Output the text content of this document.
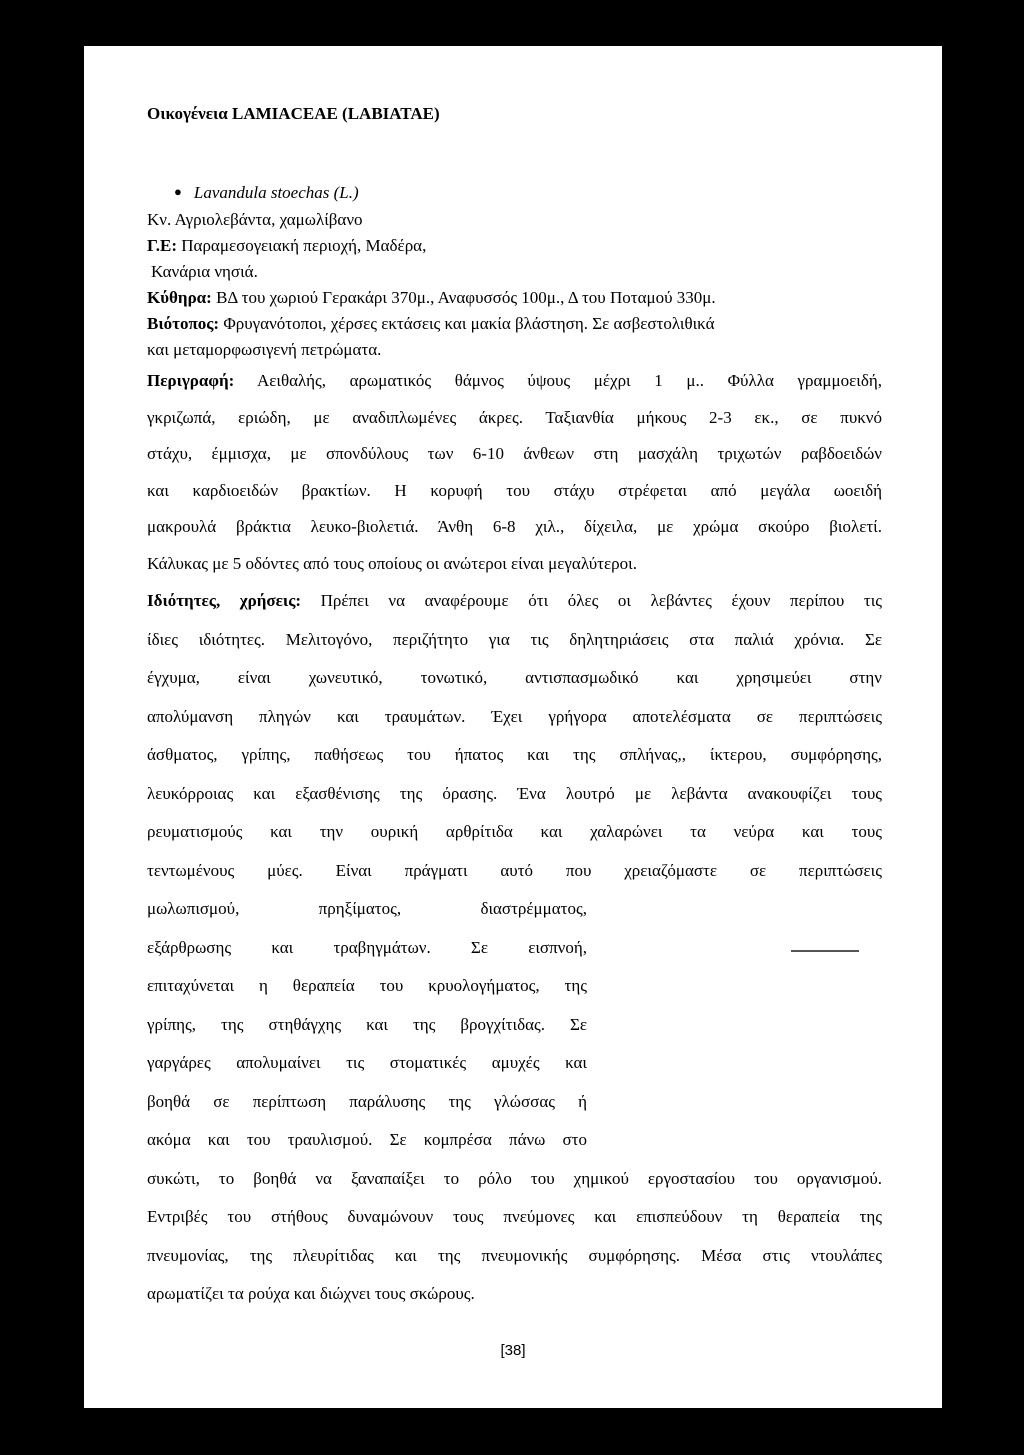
Οικογένεια LAMIACEAE (LABIATAE)
● Lavandula stoechas (L.)
Κν. Αγριολεβάντα, χαμωλίβανο
Γ.Ε: Παραμεσογειακή περιοχή, Μαδέρα,
Κανάρια νησιά.
Κύθηρα: ΒΔ του χωριού Γερακάρι 370μ., Αναφυσσός 100μ., Δ του Ποταμού 330μ.
Βιότοπος: Φρυγανότοποι, χέρσες εκτάσεις και μακία βλάστηση. Σε ασβεστολιθικά
και μεταμορφωσιγενή πετρώματα.
Περιγραφή: Αειθαλής, αρωματικός θάμνος ύψους μέχρι 1 μ.. Φύλλα γραμμοειδή,
γκριζωπά, εριώδη, με αναδιπλωμένες άκρες. Ταξιανθία μήκους 2-3 εκ., σε πυκνό
στάχυ, έμμισχα, με σπονδύλους των 6-10 άνθεων στη μασχάλη τριχωτών ραβδοειδών
και καρδιοειδών βρακτίων. Η κορυφή του στάχυ στρέφεται από μεγάλα ωοειδή
μακρουλά βράκτια λευκο-βιολετιά. Άνθη 6-8 χιλ., δίχειλα, με χρώμα σκούρο βιολετί.
Κάλυκας με 5 οδόντες από τους οποίους οι ανώτεροι είναι μεγαλύτεροι.
Ιδιότητες, χρήσεις: Πρέπει να αναφέρουμε ότι όλες οι λεβάντες έχουν περίπου τις
ίδιες ιδιότητες. Μελιτογόνο, περιζήτητο για τις δηλητηριάσεις στα παλιά χρόνια. Σε
έγχυμα, είναι χωνευτικό, τονωτικό, αντισπασμωδικό και χρησιμεύει στην
απολύμανση πληγών και τραυμάτων. Έχει γρήγορα αποτελέσματα σε περιπτώσεις
άσθματος, γρίπης, παθήσεως του ήπατος και της σπλήνας,, ίκτερου, συμφόρησης,
λευκόρροιας και εξασθένισης της όρασης. Ένα λουτρό με λεβάντα ανακουφίζει τους
ρευματισμούς και την ουρική αρθρίτιδα και χαλαρώνει τα νεύρα και τους
τεντωμένους μύες. Είναι πράγματι αυτό που χρειαζόμαστε σε περιπτώσεις
μωλωπισμού, πρηξίματος, διαστρέμματος,
εξάρθρωσης και τραβηγμάτων. Σε εισπνοή,
επιταχύνεται η θεραπεία του κρυολογήματος, της
γρίπης, της στηθάγχης και της βρογχίτιδας. Σε
γαργάρες απολυμαίνει τις στοματικές αμυχές και
βοηθά σε περίπτωση παράλυσης της γλώσσας ή
ακόμα και του τραυλισμού. Σε κομπρέσα πάνω στο
συκώτι, το βοηθά να ξαναπαίξει το ρόλο του χημικού εργοστασίου του οργανισμού.
Εντριβές του στήθους δυναμώνουν τους πνεύμονες και επισπεύδουν τη θεραπεία της
πνευμονίας, της πλευρίτιδας και της πνευμονικής συμφόρησης. Μέσα στις ντουλάπες
αρωματίζει τα ρούχα και διώχνει τους σκώρους.
[38]
